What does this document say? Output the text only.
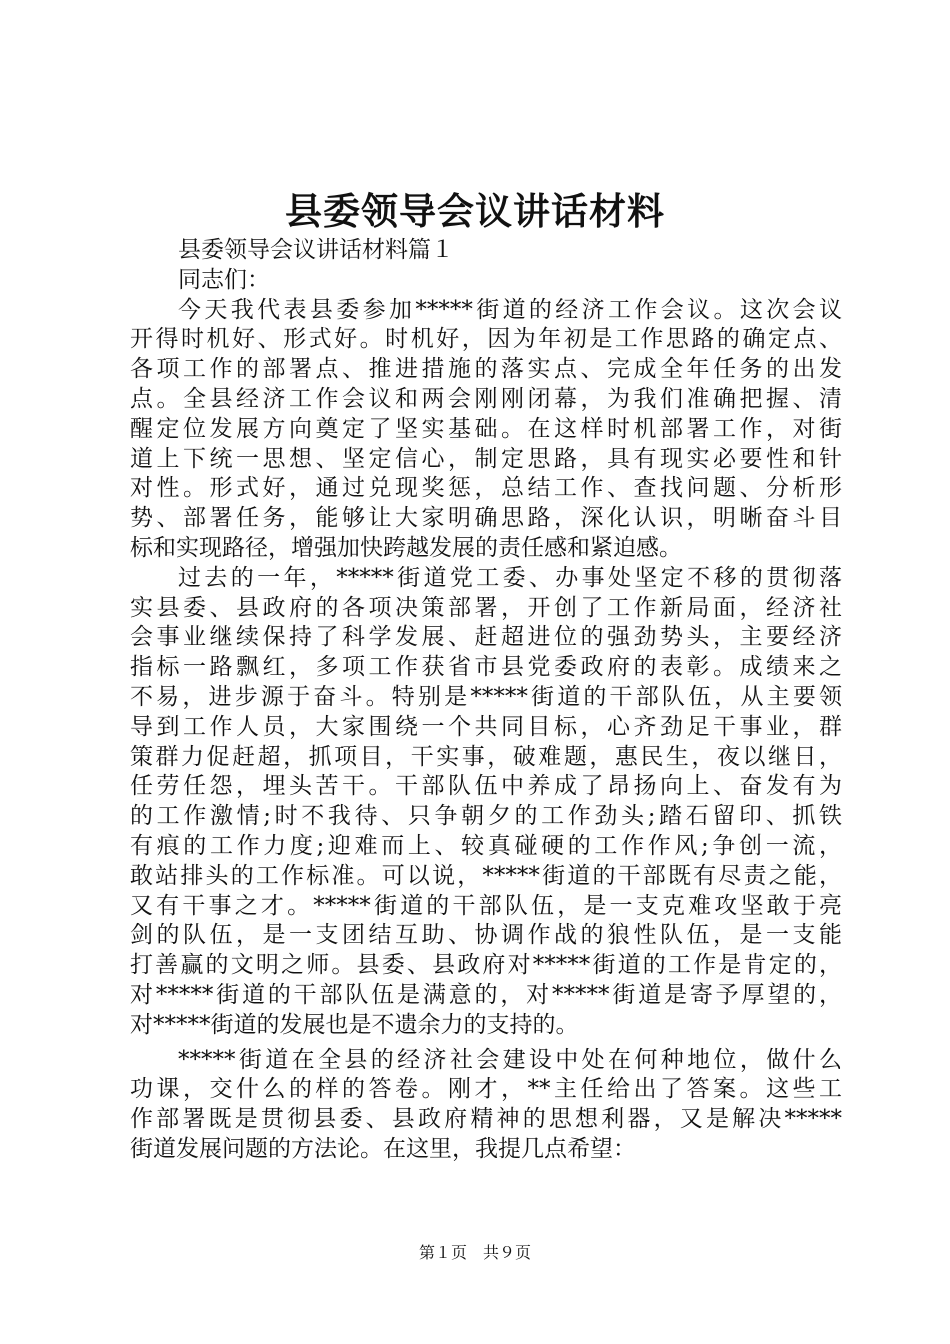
县委领导会议讲话材料
县委领导会议讲话材料篇１
同志们：
今天我代表县委参加*****街道的经济工作会议。这次会议
开得时机好、形式好。时机好，因为年初是工作思路的确定点、
各项工作的部署点、推进措施的落实点、完成全年任务的出发
点。全县经济工作会议和两会刚刚闭幕，为我们准确把握、清
醒定位发展方向奠定了坚实基础。在这样时机部署工作，对街
道上下统一思想、坚定信心，制定思路，具有现实必要性和针
对性。形式好，通过兑现奖惩，总结工作、查找问题、分析形
势、部署任务，能够让大家明确思路，深化认识，明晰奋斗目
标和实现路径，增强加快跨越发展的责任感和紧迫感。
过去的一年，*****街道党工委、办事处坚定不移的贯彻落
实县委、县政府的各项决策部署，开创了工作新局面，经济社
会事业继续保持了科学发展、赶超进位的强劲势头，主要经济
指标一路飘红，多项工作获省市县党委政府的表彰。成绩来之
不易，进步源于奋斗。特别是*****街道的干部队伍，从主要领
导到工作人员，大家围绕一个共同目标，心齐劲足干事业，群
策群力促赶超，抓项目，干实事，破难题，惠民生，夜以继日，
任劳任怨，埋头苦干。干部队伍中养成了昂扬向上、奋发有为
的工作激情;时不我待、只争朝夕的工作劲头;踏石留印、抓铁
有痕的工作力度;迎难而上、较真碰硬的工作作风;争创一流，
敢站排头的工作标准。可以说，*****街道的干部既有尽责之能，
又有干事之才。*****街道的干部队伍，是一支克难攻坚敢于亮
剑的队伍，是一支团结互助、协调作战的狼性队伍，是一支能
打善赢的文明之师。县委、县政府对*****街道的工作是肯定的，
对*****街道的干部队伍是满意的，对*****街道是寄予厚望的，
对*****街道的发展也是不遗余力的支持的。
*****街道在全县的经济社会建设中处在何种地位，做什么
功课，交什么的样的答卷。刚才，**主任给出了答案。这些工
作部署既是贯彻县委、县政府精神的思想利器，又是解决*****
街道发展问题的方法论。在这里，我提几点希望：
第１页　共９页
